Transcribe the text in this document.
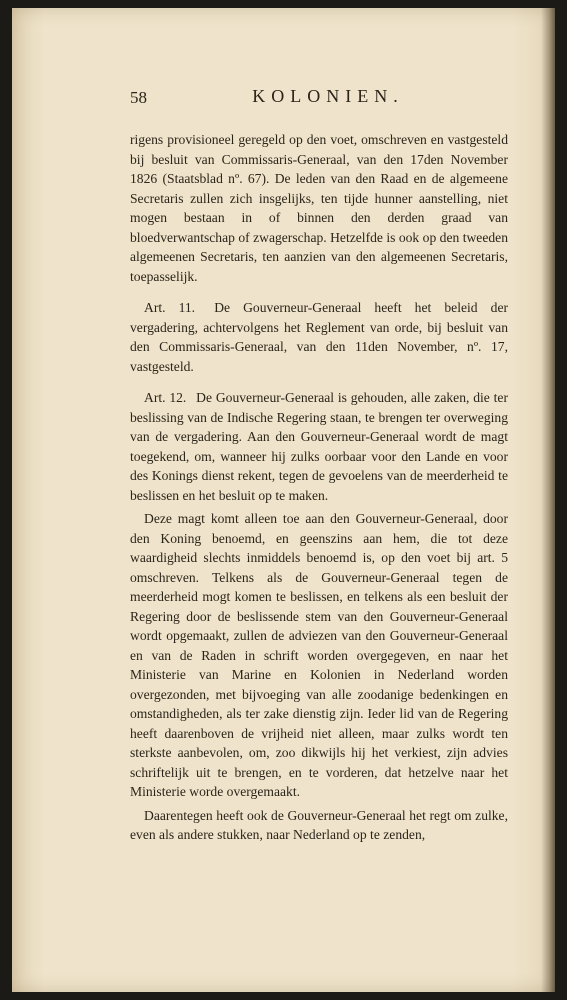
58	KOLONIEN.

rigens provisioneel geregeld op den voet, omschreven en vastgesteld bij besluit van Commissaris-Generaal, van den 17den November 1826 (Staatsblad nº. 67). De leden van den Raad en de algemeene Secretaris zullen zich insgelijks, ten tijde hunner aanstelling, niet mogen bestaan in of binnen den derden graad van bloedverwantschap of zwagerschap. Hetzelfde is ook op den tweeden algemeenen Secretaris, ten aanzien van den algemeenen Secretaris, toepasselijk.

Art. 11. De Gouverneur-Generaal heeft het beleid der vergadering, achtervolgens het Reglement van orde, bij besluit van den Commissaris-Generaal, van den 11den November, nº. 17, vastgesteld.

Art. 12. De Gouverneur-Generaal is gehouden, alle zaken, die ter beslissing van de Indische Regering staan, te brengen ter overweging van de vergadering. Aan den Gouverneur-Generaal wordt de magt toegekend, om, wanneer hij zulks oorbaar voor den Lande en voor des Konings dienst rekent, tegen de gevoelens van de meerderheid te beslissen en het besluit op te maken.

Deze magt komt alleen toe aan den Gouverneur-Generaal, door den Koning benoemd, en geenszins aan hem, die tot deze waardigheid slechts inmiddels benoemd is, op den voet bij art. 5 omschreven. Telkens als de Gouverneur-Generaal tegen de meerderheid mogt komen te beslissen, en telkens als een besluit der Regering door de beslissende stem van den Gouverneur-Generaal wordt opgemaakt, zullen de adviezen van den Gouverneur-Generaal en van de Raden in schrift worden overgegeven, en naar het Ministerie van Marine en Kolonien in Nederland worden overgezonden, met bijvoeging van alle zoodanige bedenkingen en omstandigheden, als ter zake dienstig zijn. Ieder lid van de Regering heeft daarenboven de vrijheid niet alleen, maar zulks wordt ten sterkste aanbevolen, om, zoo dikwijls hij het verkiest, zijn advies schriftelijk uit te brengen, en te vorderen, dat hetzelve naar het Ministerie worde overgemaakt.

Daarentegen heeft ook de Gouverneur-Generaal het regt om zulke, even als andere stukken, naar Nederland op te zenden,
